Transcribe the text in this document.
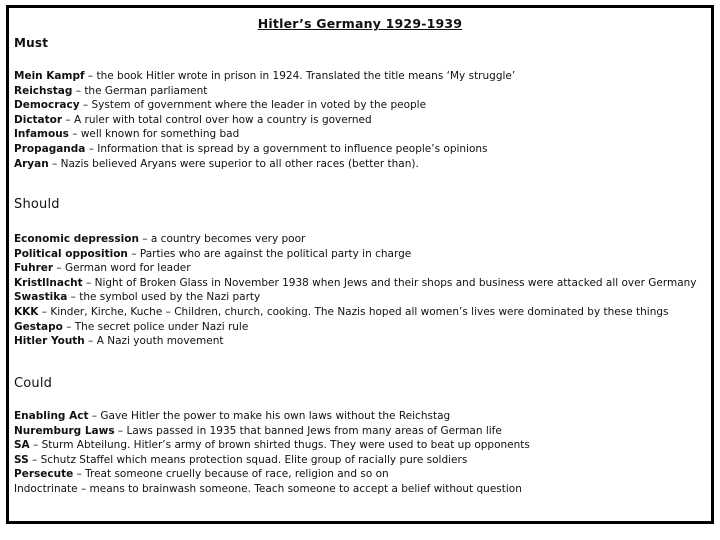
Hitler’s Germany 1929-1939
Must
Mein Kampf – the book Hitler wrote in prison in 1924. Translated the title means ‘My struggle’
Reichstag – the German parliament
Democracy – System of government where the leader in voted by the people
Dictator – A ruler with total control over how a country is governed
Infamous – well known for something bad
Propaganda – Information that is spread by a government to influence people’s opinions
Aryan – Nazis believed Aryans were superior to all other races (better than).
Should
Economic depression – a country becomes very poor
Political opposition – Parties who are against the political party in charge
Fuhrer – German word for leader
Kristllnacht – Night of Broken Glass in November 1938 when Jews and their shops and business were attacked all over Germany
Swastika – the symbol used by the Nazi party
KKK – Kinder, Kirche, Kuche – Children, church, cooking. The Nazis hoped all women’s lives were dominated by these things
Gestapo – The secret police under Nazi rule
Hitler Youth – A Nazi youth movement
Could
Enabling Act – Gave Hitler the power to make his own laws without the Reichstag
Nuremburg Laws – Laws passed in 1935 that banned Jews from many areas of German life
SA – Sturm Abteilung. Hitler’s army of brown shirted thugs. They were used to beat up opponents
SS – Schutz Staffel which means protection squad. Elite group of racially pure soldiers
Persecute – Treat someone cruelly because of race, religion and so on
Indoctrinate – means to brainwash someone. Teach someone to accept a belief without question
